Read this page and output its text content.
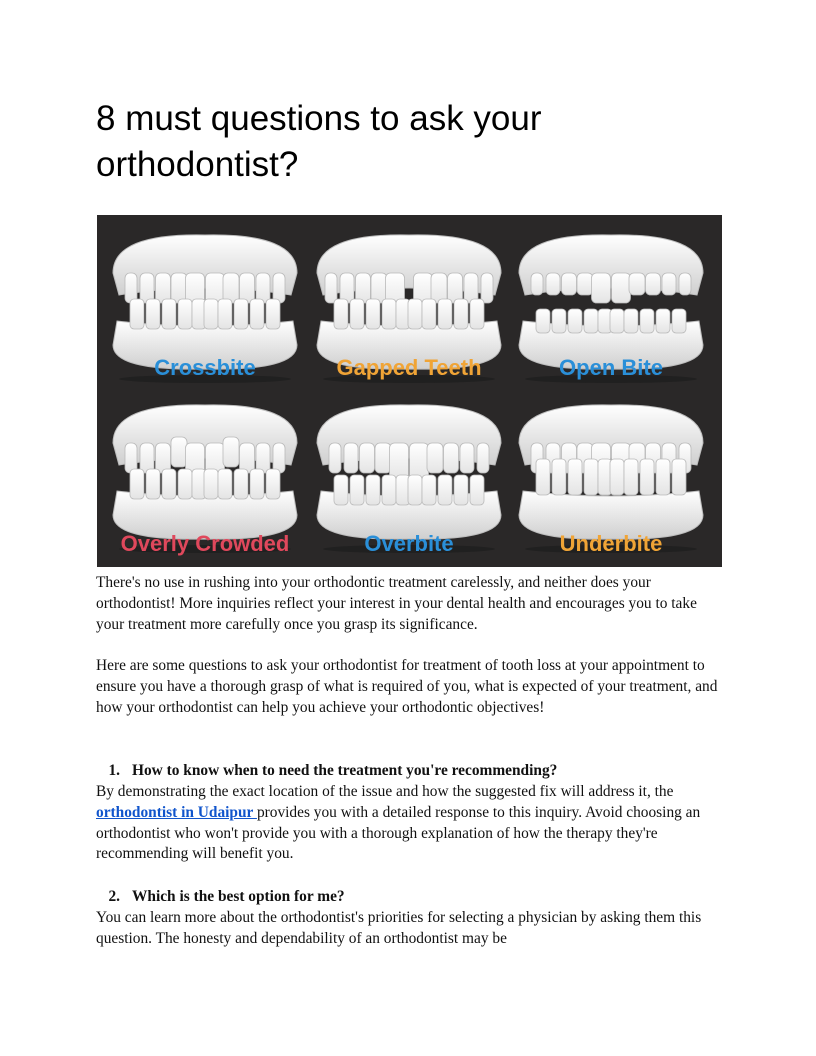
8 must questions to ask your orthodontist?
Crossbite	Gapped Teeth	Open Bite
Overly Crowded	Overbite	Underbite

There's no use in rushing into your orthodontic treatment carelessly, and neither does your orthodontist! More inquiries reflect your interest in your dental health and encourages you to take your treatment more carefully once you grasp its significance.

Here are some questions to ask your orthodontist for treatment of tooth loss at your appointment to ensure you have a thorough grasp of what is required of you, what is expected of your treatment, and how your orthodontist can help you achieve your orthodontic objectives!

1. How to know when to need the treatment you're recommending?

By demonstrating the exact location of the issue and how the suggested fix will address it, the orthodontist in Udaipur provides you with a detailed response to this inquiry. Avoid choosing an orthodontist who won't provide you with a thorough explanation of how the therapy they're recommending will benefit you.

2. Which is the best option for me?

You can learn more about the orthodontist's priorities for selecting a physician by asking them this question. The honesty and dependability of an orthodontist may be
